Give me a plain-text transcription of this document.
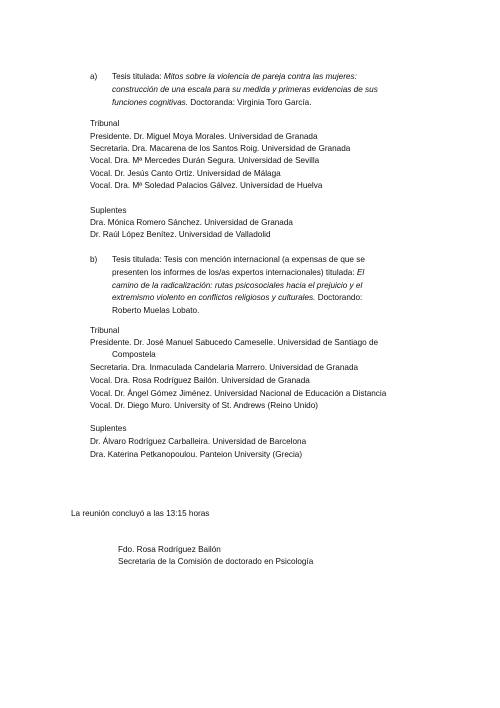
a) Tesis titulada: Mitos sobre la violencia de pareja contra las mujeres:
construcción de una escala para su medida y primeras evidencias de sus
funciones cognitivas. Doctoranda: Virginia Toro García.
Tribunal
Presidente. Dr. Miguel Moya Morales. Universidad de Granada
Secretaria. Dra. Macarena de los Santos Roig. Universidad de Granada
Vocal. Dra. Mª Mercedes Durán Segura. Universidad de Sevilla
Vocal. Dr. Jesús Canto Ortiz. Universidad de Málaga
Vocal. Dra. Mª Soledad Palacios Gálvez. Universidad de Huelva
Suplentes
Dra. Mónica Romero Sánchez. Universidad de Granada
Dr. Raúl López Benítez. Universidad de Valladolid
b) Tesis titulada: Tesis con mención internacional (a expensas de que se
presenten los informes de los/as expertos internacionales) titulada: El
camino de la radicalización: rutas psicosociales hacia el prejuicio y el
extremismo violento en conflictos religiosos y culturales. Doctorando:
Roberto Muelas Lobato.
Tribunal
Presidente. Dr. José Manuel Sabucedo Cameselle. Universidad de Santiago de
Compostela
Secretaria. Dra. Inmaculada Candelaria Marrero. Universidad de Granada
Vocal. Dra. Rosa Rodríguez Bailón. Universidad de Granada
Vocal. Dr. Ángel Gómez Jiménez. Universidad Nacional de Educación a Distancia
Vocal. Dr. Diego Muro. University of St. Andrews (Reino Unido)
Suplentes
Dr. Álvaro Rodríguez Carballeira. Universidad de Barcelona
Dra. Katerina Petkanopoulou. Panteion University (Grecia)
La reunión concluyó a las 13:15 horas
Fdo. Rosa Rodríguez Bailón
Secretaria de la Comisión de doctorado en Psicología
